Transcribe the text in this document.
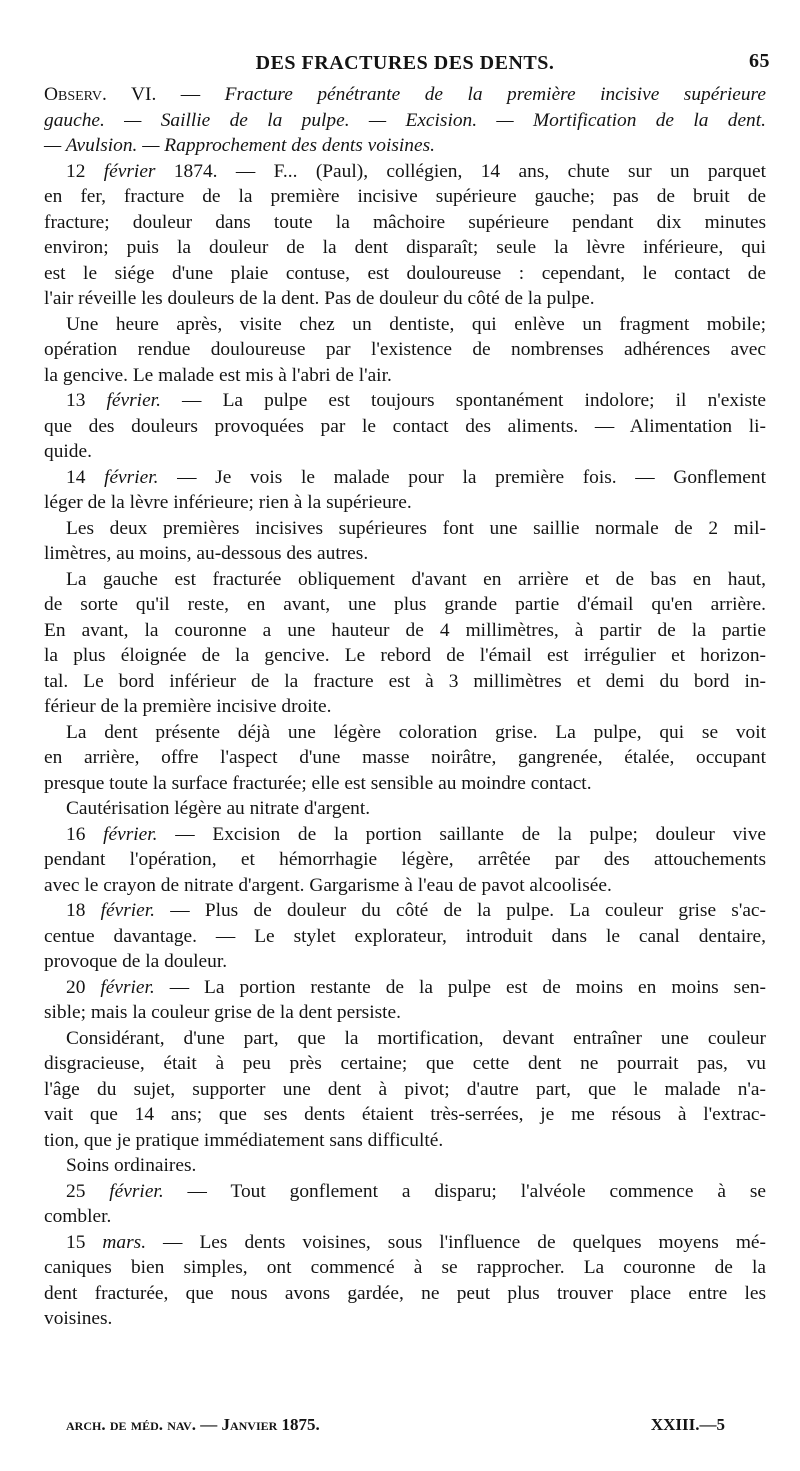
DES FRACTURES DES DENTS.	65
Observ. VI. — Fracture pénétrante de la première incisive supérieure
gauche. — Saillie de la pulpe. — Excision. — Mortification de la dent.
— Avulsion. — Rapprochement des dents voisines.
12 février 1874. — F... (Paul), collégien, 14 ans, chute sur un parquet
en fer, fracture de la première incisive supérieure gauche; pas de bruit de
fracture; douleur dans toute la mâchoire supérieure pendant dix minutes
environ; puis la douleur de la dent disparaît; seule la lèvre inférieure, qui
est le siége d'une plaie contuse, est douloureuse : cependant, le contact de
l'air réveille les douleurs de la dent. Pas de douleur du côté de la pulpe.
Une heure après, visite chez un dentiste, qui enlève un fragment mobile;
opération rendue douloureuse par l'existence de nombrenses adhérences avec
la gencive. Le malade est mis à l'abri de l'air.
13 février. — La pulpe est toujours spontanément indolore; il n'existe
que des douleurs provoquées par le contact des aliments. — Alimentation li-
quide.
14 février. — Je vois le malade pour la première fois. — Gonflement
léger de la lèvre inférieure; rien à la supérieure.
Les deux premières incisives supérieures font une saillie normale de 2 mil-
limètres, au moins, au-dessous des autres.
La gauche est fracturée obliquement d'avant en arrière et de bas en haut,
de sorte qu'il reste, en avant, une plus grande partie d'émail qu'en arrière.
En avant, la couronne a une hauteur de 4 millimètres, à partir de la partie
la plus éloignée de la gencive. Le rebord de l'émail est irrégulier et horizon-
tal. Le bord inférieur de la fracture est à 3 millimètres et demi du bord in-
férieur de la première incisive droite.
La dent présente déjà une légère coloration grise. La pulpe, qui se voit
en arrière, offre l'aspect d'une masse noirâtre, gangrenée, étalée, occupant
presque toute la surface fracturée; elle est sensible au moindre contact.
Cautérisation légère au nitrate d'argent.
16 février. — Excision de la portion saillante de la pulpe; douleur vive
pendant l'opération, et hémorrhagie légère, arrêtée par des attouchements
avec le crayon de nitrate d'argent. Gargarisme à l'eau de pavot alcoolisée.
18 février. — Plus de douleur du côté de la pulpe. La couleur grise s'ac-
centue davantage. — Le stylet explorateur, introduit dans le canal dentaire,
provoque de la douleur.
20 février. — La portion restante de la pulpe est de moins en moins sen-
sible; mais la couleur grise de la dent persiste.
Considérant, d'une part, que la mortification, devant entraîner une couleur
disgracieuse, était à peu près certaine; que cette dent ne pourrait pas, vu
l'âge du sujet, supporter une dent à pivot; d'autre part, que le malade n'a-
vait que 14 ans; que ses dents étaient très-serrées, je me résous à l'extrac-
tion, que je pratique immédiatement sans difficulté.
Soins ordinaires.
25 février. — Tout gonflement a disparu; l'alvéole commence à se
combler.
15 mars. — Les dents voisines, sous l'influence de quelques moyens mé-
caniques bien simples, ont commencé à se rapprocher. La couronne de la
dent fracturée, que nous avons gardée, ne peut plus trouver place entre les
voisines.
arch. de méd. nav. — Janvier 1875.	XXIII.—5
